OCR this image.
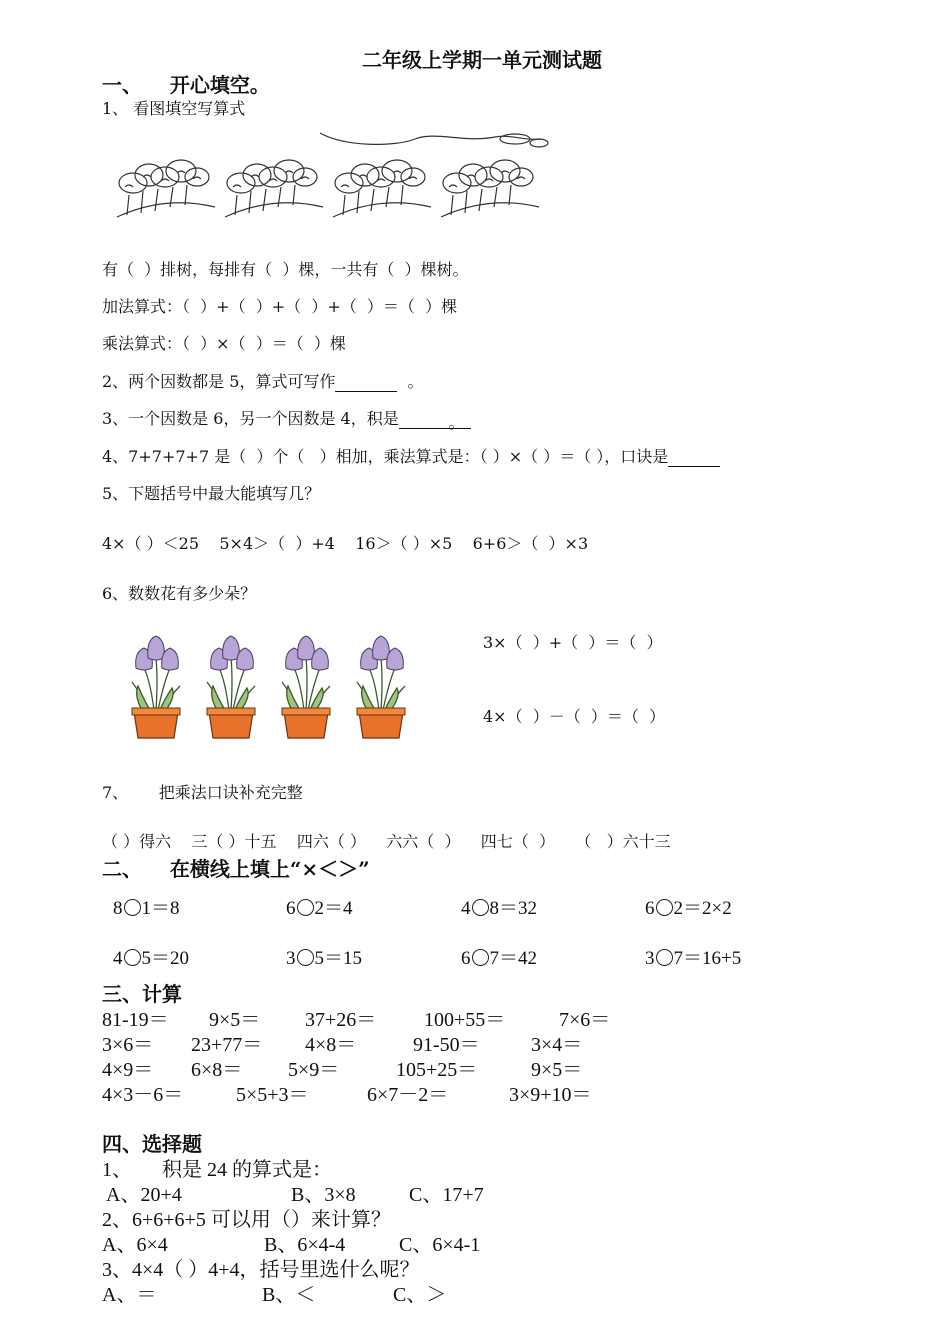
二年级上学期一单元测试题
一、    开心填空。
1、 看图填空写算式
有（  ）排树，每排有（  ）棵，一共有（  ）棵树。
加法算式：（  ）+（  ）+（  ）+（  ）＝（  ）棵
乘法算式：（  ）×（  ）＝（  ）棵
2、两个因数都是 5，算式可写作	。
3、一个因数是 6，另一个因数是 4，积是	。
4、7+7+7+7 是（  ）个（   ）相加，乘法算式是：（ ）×（ ）＝（ ），口诀是
5、下题括号中最大能填写几？
4×（ ）＜25    5×4＞（  ）+4    16＞（ ）×5    6+6＞（  ）×3
6、数数花有多少朵？
3×（  ）+（  ）＝（  ）
4×（  ）－（  ）＝（  ）
7、      把乘法口诀补充完整
（ ）得六    三（ ）十五    四六（ ）    六六（  ）    四七（  ）    （   ）六十三
二、    在横线上填上“×＜＞”
8 1＝8	6 2＝4	4 8＝32	6 2＝2×2
4 5＝20	3 5＝15	6 7＝42	3 7＝16+5
三、计算
81-19＝ 9×5＝ 37+26＝ 100+55＝	7×6＝
3×6＝ 23+77＝ 4×8＝	91-50＝	3×4＝
4×9＝ 6×8＝ 5×9＝	105+25＝	9×5＝
4×3－6＝	5×5+3＝	6×7－2＝	3×9+10＝
四、选择题
1、      积是 24 的算式是：
A、20+4	B、3×8	C、17+7
2、6+6+6+5 可以用（）来计算？
A、6×4	B、6×4-4	C、6×4-1
3、4×4（ ）4+4，括号里选什么呢？
A、＝	B、＜	C、＞
